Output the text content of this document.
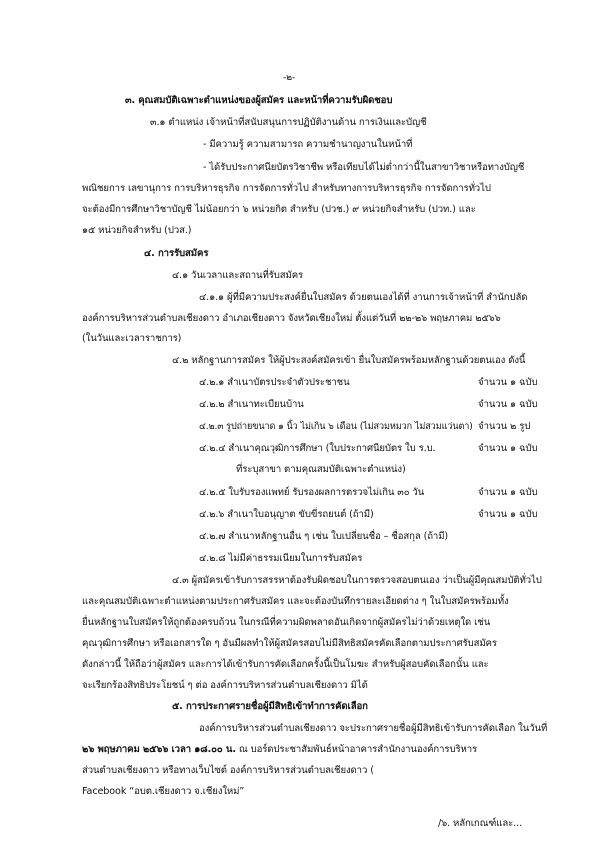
-๒-

๓. คุณสมบัติเฉพาะตำแหน่งของผู้สมัคร และหน้าที่ความรับผิดชอบ

๓.๑ ตำแหน่ง เจ้าหน้าที่สนับสนุนการปฏิบัติงานด้าน การเงินและบัญชี

- มีความรู้ ความสามารถ ความชำนาญงานในหน้าที่

- ได้รับประกาศนียบัตรวิชาชีพ หรือเทียบได้ไม่ต่ำกว่านี้ในสาขาวิชาหรือทางบัญชี

พณิชยการ เลขานุการ การบริหารธุรกิจ การจัดการทั่วไป สำหรับทางการบริหารธุรกิจ การจัดการทั่วไป

จะต้องมีการศึกษาวิชาบัญชี ไม่น้อยกว่า ๖ หน่วยกิต สำหรับ (ปวช.) ๙ หน่วยกิจสำหรับ (ปวท.) และ

๑๕ หน่วยกิจสำหรับ (ปวส.)

๔. การรับสมัคร

๔.๑ วันเวลาและสถานที่รับสมัคร

๔.๑.๑ ผู้ที่มีความประสงค์ยื่นใบสมัคร ด้วยตนเองได้ที่ งานการเจ้าหน้าที่ สำนักปลัด

องค์การบริหารส่วนตำบลเชียงดาว อำเภอเชียงดาว จังหวัดเชียงใหม่ ตั้งแต่วันที่ ๒๒-๒๖ พฤษภาคม ๒๕๖๖

(ในวันและเวลาราชการ)

๔.๒ หลักฐานการสมัคร ให้ผู้ประสงค์สมัครเข้า ยื่นใบสมัครพร้อมหลักฐานด้วยตนเอง ดังนี้

๔.๒.๑ สำเนาบัตรประจำตัวประชาชน	จำนวน ๑ ฉบับ

๔.๒.๒ สำเนาทะเบียนบ้าน	จำนวน ๑ ฉบับ

๔.๒.๓ รูปถ่ายขนาด ๑ นิ้ว ไม่เกิน ๖ เดือน (ไม่สวมหมวก ไม่สวมแว่นตา) จำนวน ๒ รูป

๔.๒.๔ สำเนาคุณวุฒิการศึกษา (ใบประกาศนียบัตร ใบ ร.บ.	จำนวน ๑ ฉบับ

ที่ระบุสาขา ตามคุณสมบัติเฉพาะตำแหน่ง)

๔.๒.๕ ใบรับรองแพทย์ รับรองผลการตรวจไม่เกิน ๓๐ วัน	จำนวน ๑ ฉบับ

๔.๒.๖ สำเนาใบอนุญาต ขับขี่รถยนต์ (ถ้ามี)	จำนวน ๑ ฉบับ

๔.๒.๗ สำเนาหลักฐานอื่น ๆ เช่น ใบเปลี่ยนชื่อ – ชื่อสกุล (ถ้ามี)

๔.๒.๘ ไม่มีค่าธรรมเนียมในการรับสมัคร

๔.๓ ผู้สมัครเข้ารับการสรรหาต้องรับผิดชอบในการตรวจสอบตนเอง ว่าเป็นผู้มีคุณสมบัติทั่วไป

และคุณสมบัติเฉพาะตำแหน่งตามประกาศรับสมัคร และจะต้องบันทึกรายละเอียดต่าง ๆ ในใบสมัครพร้อมทั้ง

ยื่นหลักฐานใบสมัครให้ถูกต้องครบถ้วน ในกรณีที่ความผิดพลาดอันเกิดจากผู้สมัครไม่ว่าด้วยเหตุใด เช่น

คุณวุฒิการศึกษา หรือเอกสารใด ๆ อันมีผลทำให้ผู้สมัครสอบไม่มีสิทธิสมัครคัดเลือกตามประกาศรับสมัคร

ดังกล่าวนี้ ให้ถือว่าผู้สมัคร และการได้เข้ารับการคัดเลือกครั้งนี้เป็นโมฆะ สำหรับผู้สอบคัดเลือกนั้น และ

จะเรียกร้องสิทธิประโยชน์ ๆ ต่อ องค์การบริหารส่วนตำบลเชียงดาว มิได้

๕. การประกาศรายชื่อผู้มีสิทธิเข้าทำการคัดเลือก

องค์การบริหารส่วนตำบลเชียงดาว จะประกาศรายชื่อผู้มีสิทธิเข้ารับการคัดเลือก ในวันที่

๒๖ พฤษภาคม ๒๕๖๖ เวลา ๑๘.๐๐ น. ณ บอร์ดประชาสัมพันธ์หน้าอาคารสำนักงานองค์การบริหาร

ส่วนตำบลเชียงดาว หรือทางเว็บไซต์ องค์การบริหารส่วนตำบลเชียงดาว (

Facebook “อบต.เชียงดาว จ.เชียงใหม่”

/๖. หลักเกณฑ์และ...
